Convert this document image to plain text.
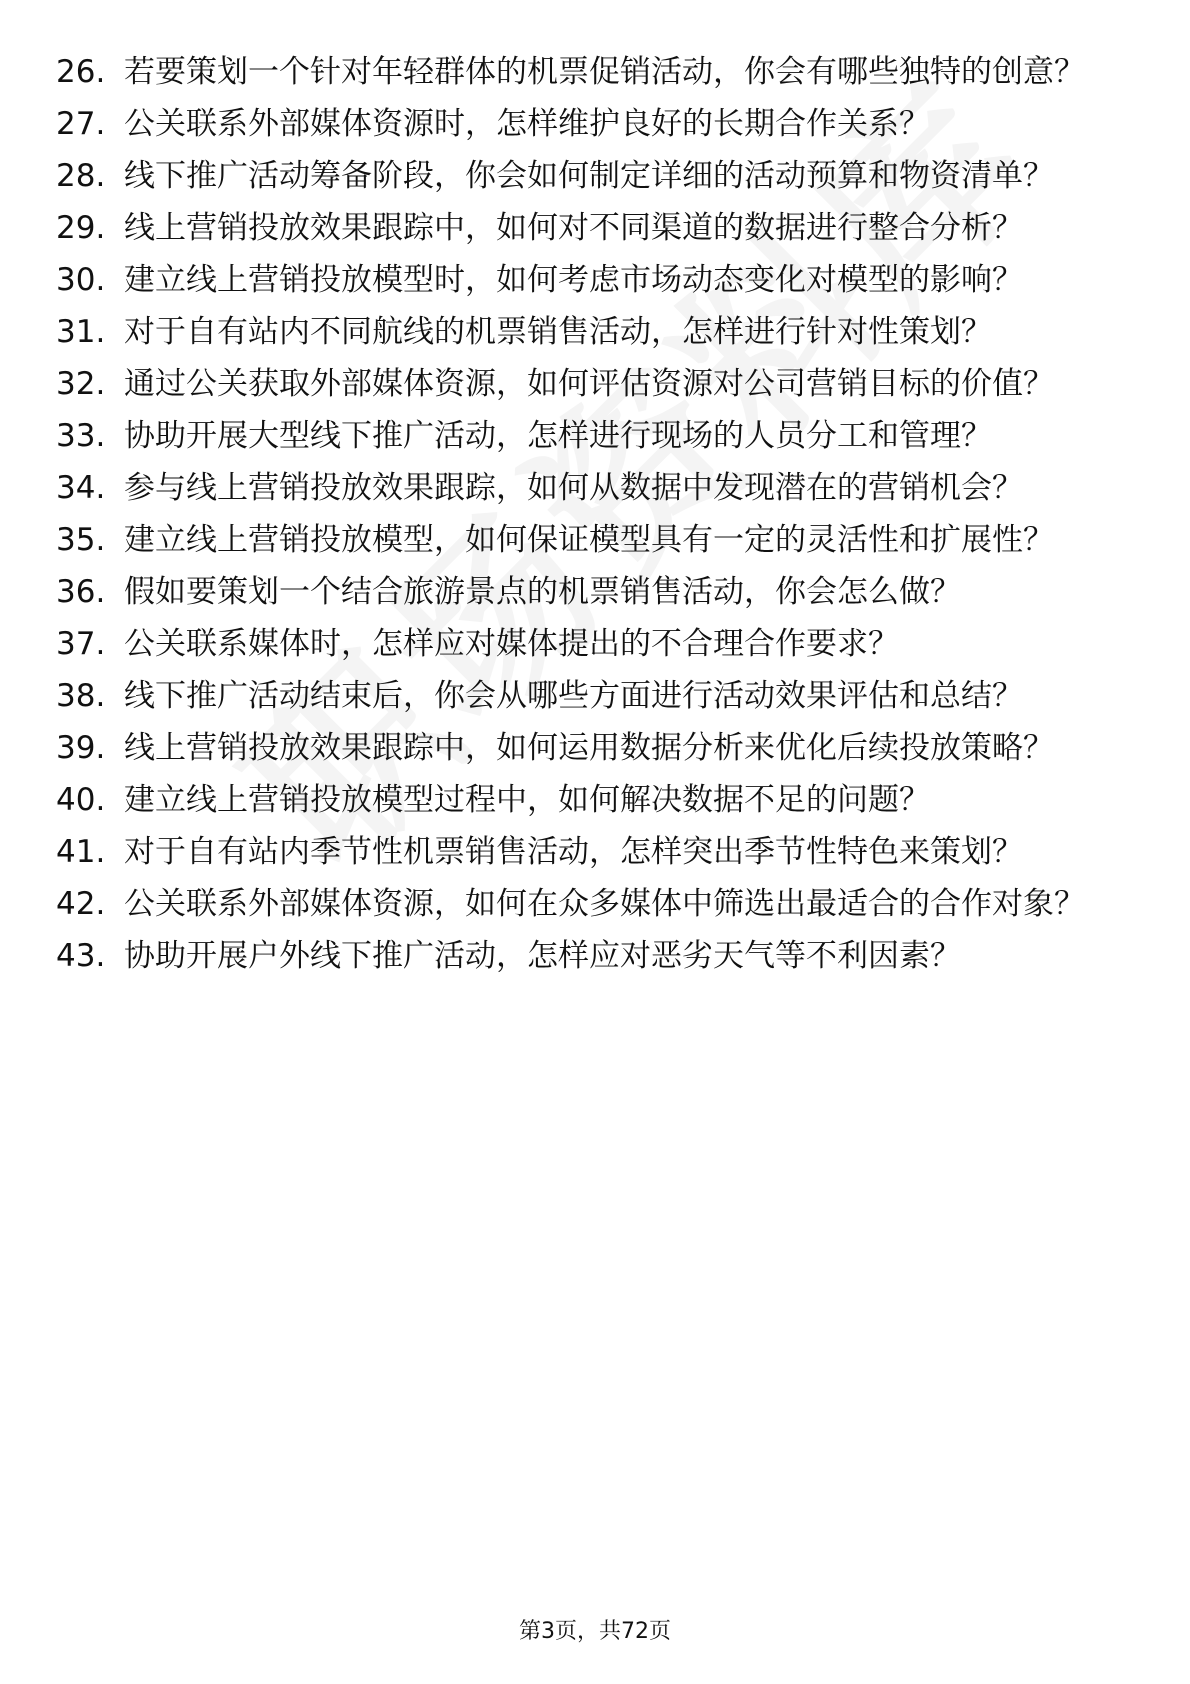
26. 若要策划一个针对年轻群体的机票促销活动，你会有哪些独特的创意？
27. 公关联系外部媒体资源时，怎样维护良好的长期合作关系？
28. 线下推广活动筹备阶段，你会如何制定详细的活动预算和物资清单？
29. 线上营销投放效果跟踪中，如何对不同渠道的数据进行整合分析？
30. 建立线上营销投放模型时，如何考虑市场动态变化对模型的影响？
31. 对于自有站内不同航线的机票销售活动，怎样进行针对性策划？
32. 通过公关获取外部媒体资源，如何评估资源对公司营销目标的价值？
33. 协助开展大型线下推广活动，怎样进行现场的人员分工和管理？
34. 参与线上营销投放效果跟踪，如何从数据中发现潜在的营销机会？
35. 建立线上营销投放模型，如何保证模型具有一定的灵活性和扩展性？
36. 假如要策划一个结合旅游景点的机票销售活动，你会怎么做？
37. 公关联系媒体时，怎样应对媒体提出的不合理合作要求？
38. 线下推广活动结束后，你会从哪些方面进行活动效果评估和总结？
39. 线上营销投放效果跟踪中，如何运用数据分析来优化后续投放策略？
40. 建立线上营销投放模型过程中，如何解决数据不足的问题？
41. 对于自有站内季节性机票销售活动，怎样突出季节性特色来策划？
42. 公关联系外部媒体资源，如何在众多媒体中筛选出最适合的合作对象？
43. 协助开展户外线下推广活动，怎样应对恶劣天气等不利因素？
第3页，共72页
